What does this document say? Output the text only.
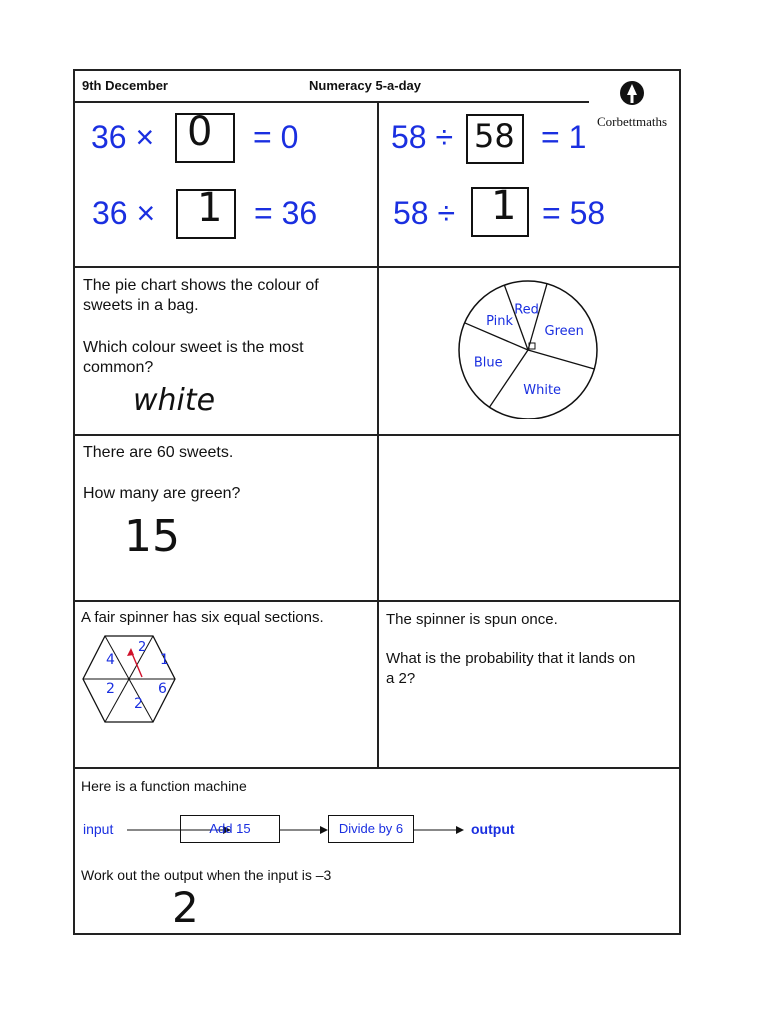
9th December	Numeracy 5-a-day
Corbettmaths
36 × 0 = 0
36 × 1 = 36
58 ÷ 58 = 1
58 ÷ 1 = 58
The pie chart shows the colour of
sweets in a bag.
Which colour sweet is the most
common?
white
Red
Green
White
Blue
Pink
There are 60 sweets.
How many are green?
15
A fair spinner has six equal sections.
2
1
6
2
2
4
The spinner is spun once.
What is the probability that it lands on
a 2?
Here is a function machine
input	Add 15	Divide by 6	output
Work out the output when the input is –3
2
